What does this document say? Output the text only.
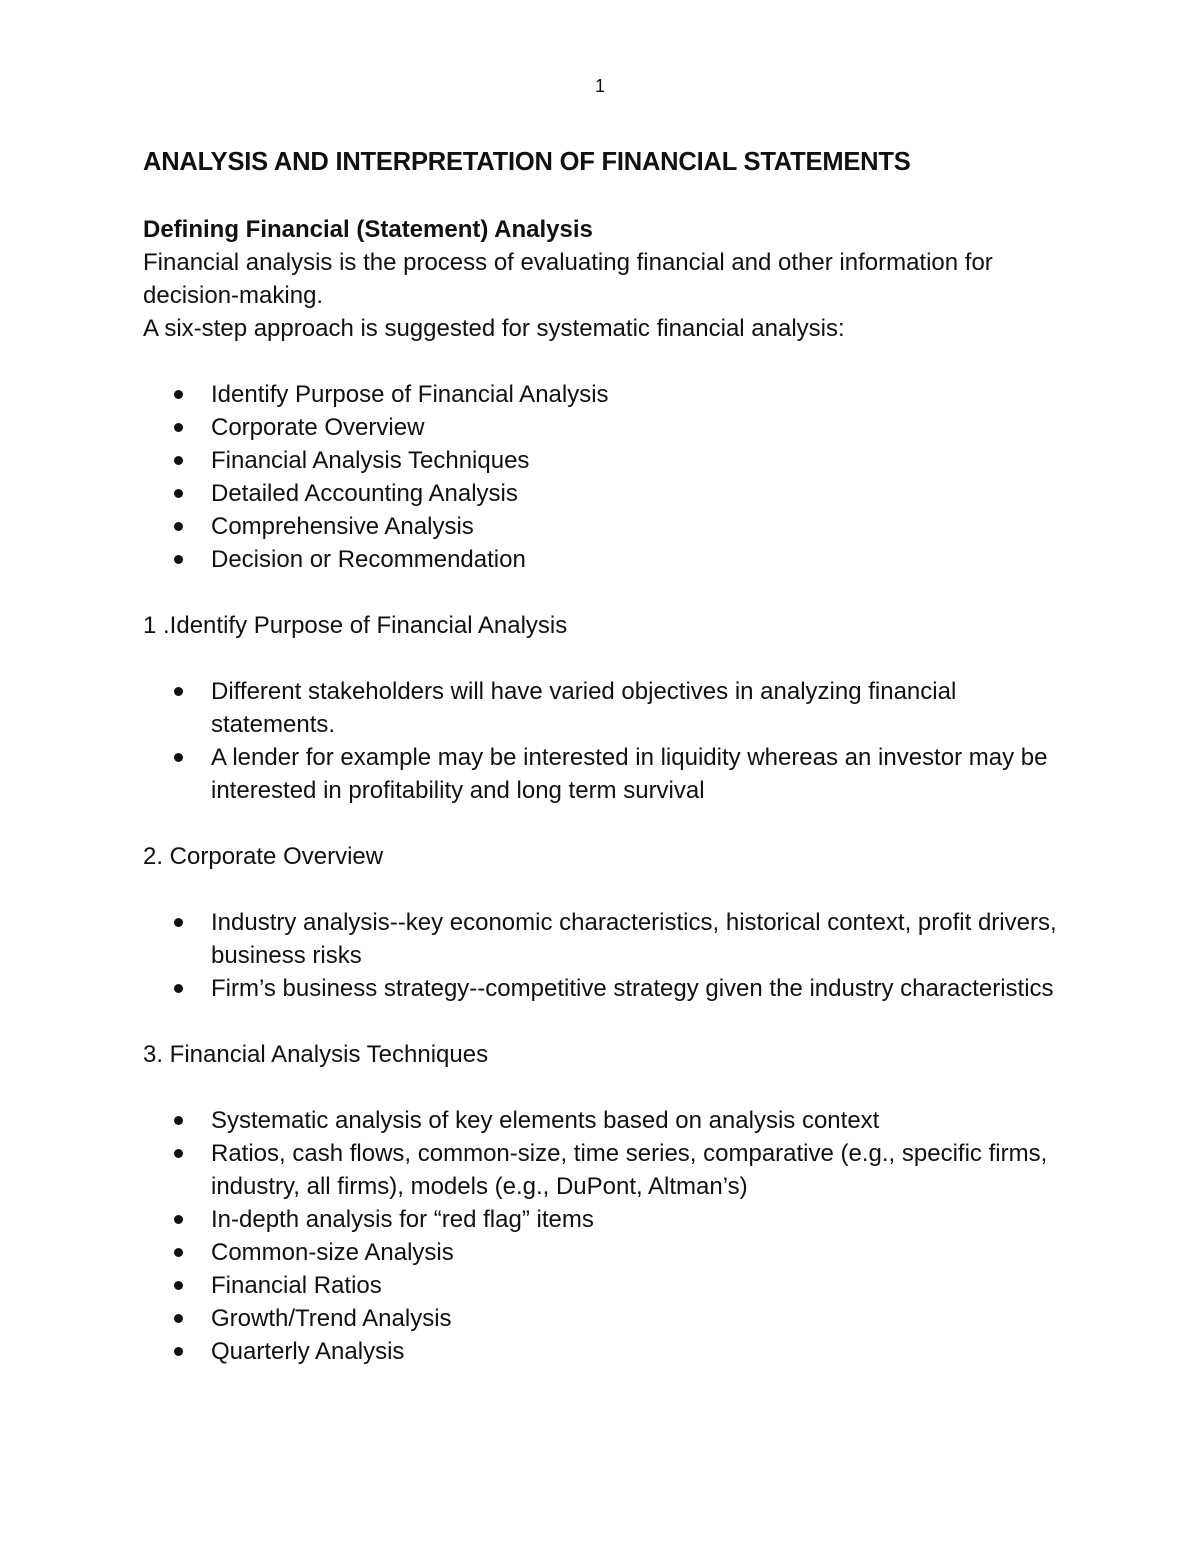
1
ANALYSIS AND INTERPRETATION OF FINANCIAL STATEMENTS

Defining Financial (Statement) Analysis

Financial analysis is the process of evaluating financial and other information for decision-making.

A six-step approach is suggested for systematic financial analysis:

Identify Purpose of Financial Analysis
Corporate Overview
Financial Analysis Techniques
Detailed Accounting Analysis
Comprehensive Analysis
Decision or Recommendation

1 .Identify Purpose of Financial Analysis

Different stakeholders will have varied objectives in analyzing financial statements.
A lender for example may be interested in liquidity whereas an investor may be interested in profitability and long term survival

2. Corporate Overview

Industry analysis--key economic characteristics, historical context, profit drivers, business risks
Firm’s business strategy--competitive strategy given the industry characteristics

3. Financial Analysis Techniques

Systematic analysis of key elements based on analysis context
Ratios, cash flows, common-size, time series, comparative (e.g., specific firms, industry, all firms), models (e.g., DuPont, Altman’s)
In-depth analysis for “red flag” items
Common-size Analysis
Financial Ratios
Growth/Trend Analysis
Quarterly Analysis
